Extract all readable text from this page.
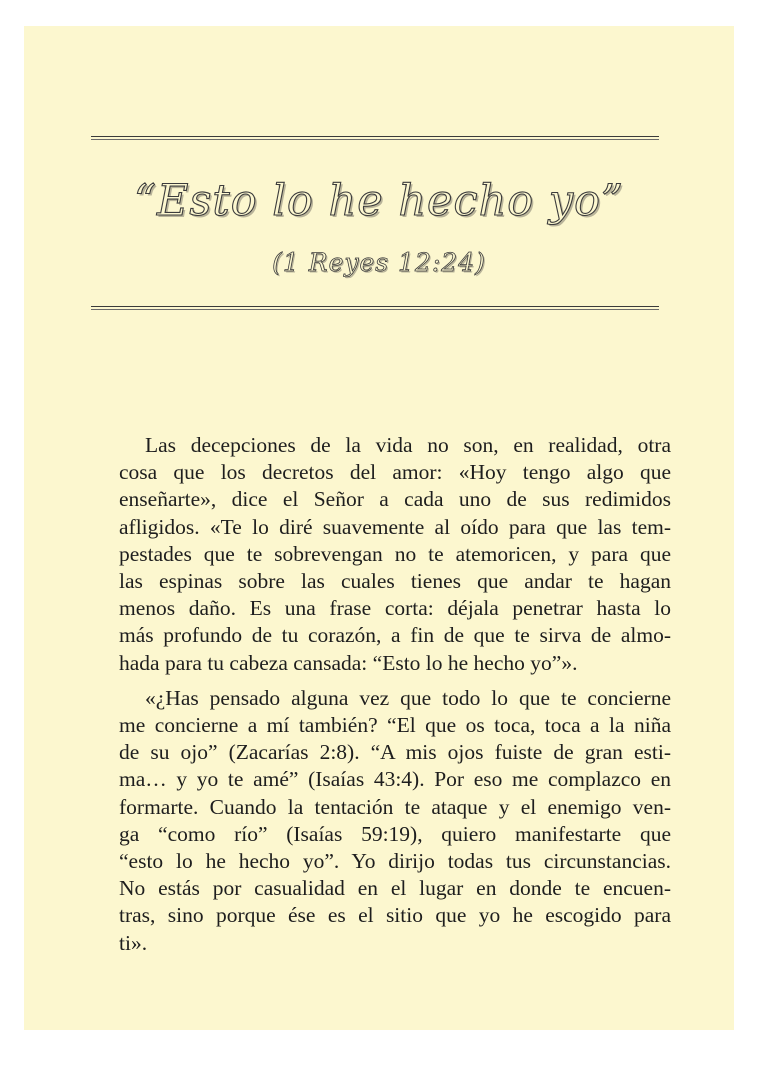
“Esto lo he hecho yo”
(1 Reyes 12:24)
Las decepciones de la vida no son, en realidad, otra
cosa que los decretos del amor: «Hoy tengo algo que
enseñarte», dice el Señor a cada uno de sus redimidos
afligidos. «Te lo diré suavemente al oído para que las tem-
pestades que te sobrevengan no te atemoricen, y para que
las espinas sobre las cuales tienes que andar te hagan
menos daño. Es una frase corta: déjala penetrar hasta lo
más profundo de tu corazón, a fin de que te sirva de almo-
hada para tu cabeza cansada: “Esto lo he hecho yo”».
«¿Has pensado alguna vez que todo lo que te concierne
me concierne a mí también? “El que os toca, toca a la niña
de su ojo” (Zacarías 2:8). “A mis ojos fuiste de gran esti-
ma… y yo te amé” (Isaías 43:4). Por eso me complazco en
formarte. Cuando la tentación te ataque y el enemigo ven-
ga “como río” (Isaías 59:19), quiero manifestarte que
“esto lo he hecho yo”. Yo dirijo todas tus circunstancias.
No estás por casualidad en el lugar en donde te encuen-
tras, sino porque ése es el sitio que yo he escogido para
ti».
